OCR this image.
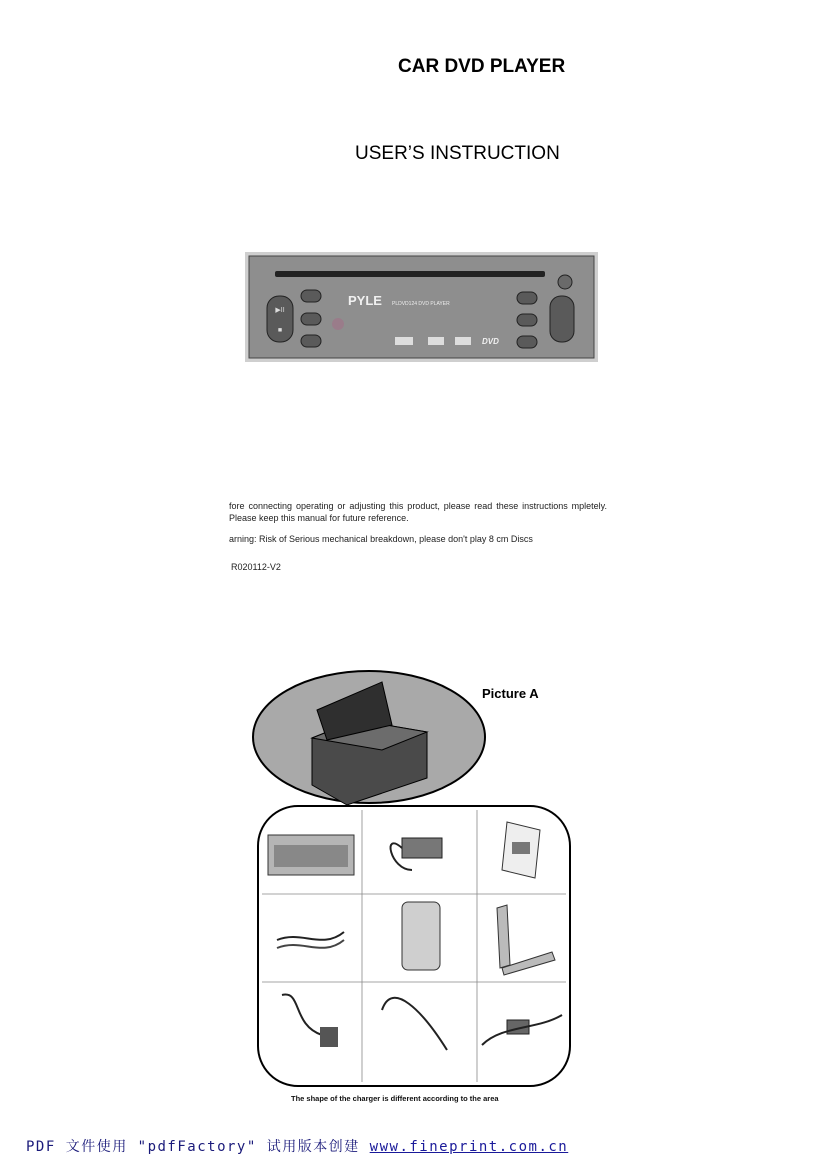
CAR DVD PLAYER
USER’S INSTRUCTION
▶II
■
PYLE PLDVD124 DVD PLAYER
DVD
fore connecting operating or adjusting this product, please read these instructions mpletely. Please keep this manual for future reference.
arning: Risk of Serious mechanical breakdown, please don't play 8 cm Discs
R020112-V2
Picture A
The shape of the charger is different according to the area
PDF 文件使用 "pdfFactory" 试用版本创建 www.fineprint.com.cn
